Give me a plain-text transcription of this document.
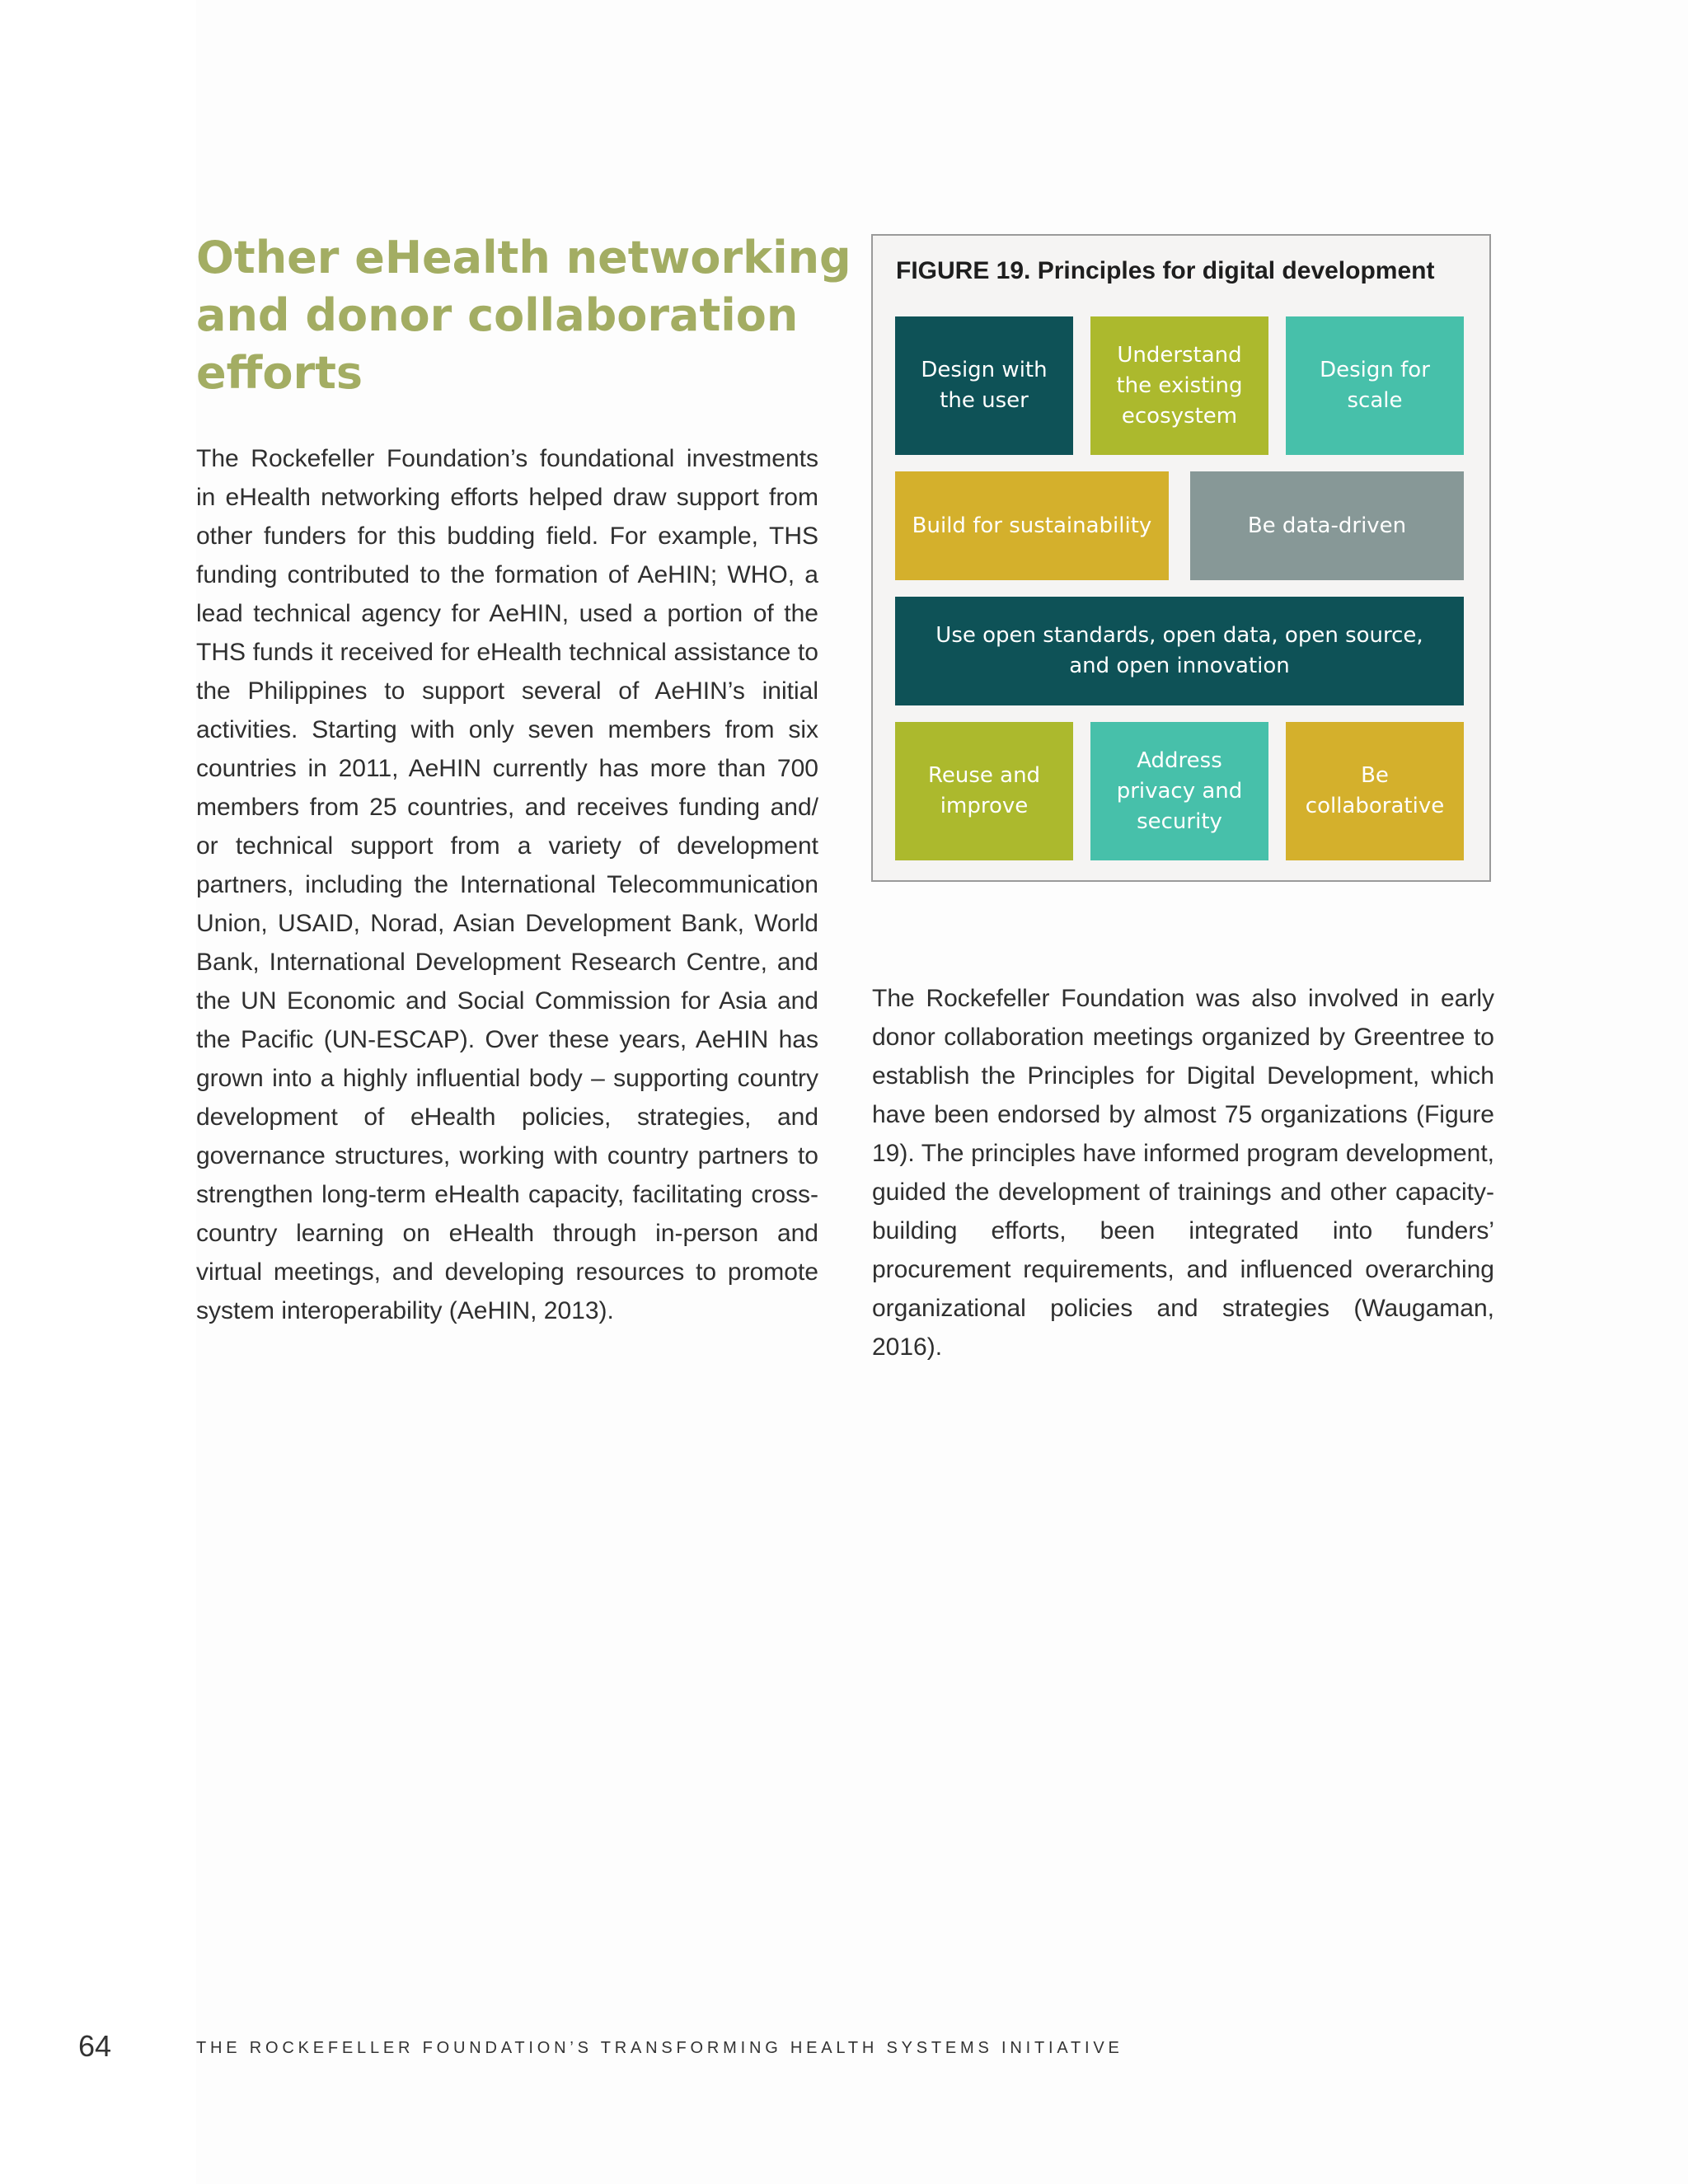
Other eHealth networking
and donor collaboration
efforts

The Rockefeller Foundation’s foundational investments in eHealth networking efforts helped draw support from other funders for this budding field. For example, THS funding contributed to the formation of AeHIN; WHO, a lead technical agency for AeHIN, used a portion of the THS funds it received for eHealth technical assistance to the Philippines to support several of AeHIN’s initial activities. Starting with only seven members from six countries in 2011, AeHIN currently has more than 700 members from 25 countries, and receives funding and/ or technical support from a variety of development partners, including the International Telecommunication Union, USAID, Norad, Asian Development Bank, World Bank, International Development Research Centre, and the UN Economic and Social Commission for Asia and the Pacific (UN-ESCAP). Over these years, AeHIN has grown into a highly influential body – supporting country development of eHealth policies, strategies, and governance structures, working with country partners to strengthen long-term eHealth capacity, facilitating cross-country learning on eHealth through in-person and virtual meetings, and developing resources to promote system interoperability (AeHIN, 2013).

FIGURE 19. Principles for digital development
Design with the user
Understand the existing ecosystem
Design for scale
Build for sustainability	Be data-driven
Use open standards, open data, open source, and open innovation
Reuse and improve
Address privacy and security
Be collaborative

The Rockefeller Foundation was also involved in early donor collaboration meetings organized by Greentree to establish the Principles for Digital Development, which have been endorsed by almost 75 organizations (Figure 19). The principles have informed program development, guided the development of trainings and other capacity-building efforts, been integrated into funders’ procurement requirements, and influenced overarching organizational policies and strategies (Waugaman, 2016).

64	THE ROCKEFELLER FOUNDATION’S TRANSFORMING HEALTH SYSTEMS INITIATIVE
